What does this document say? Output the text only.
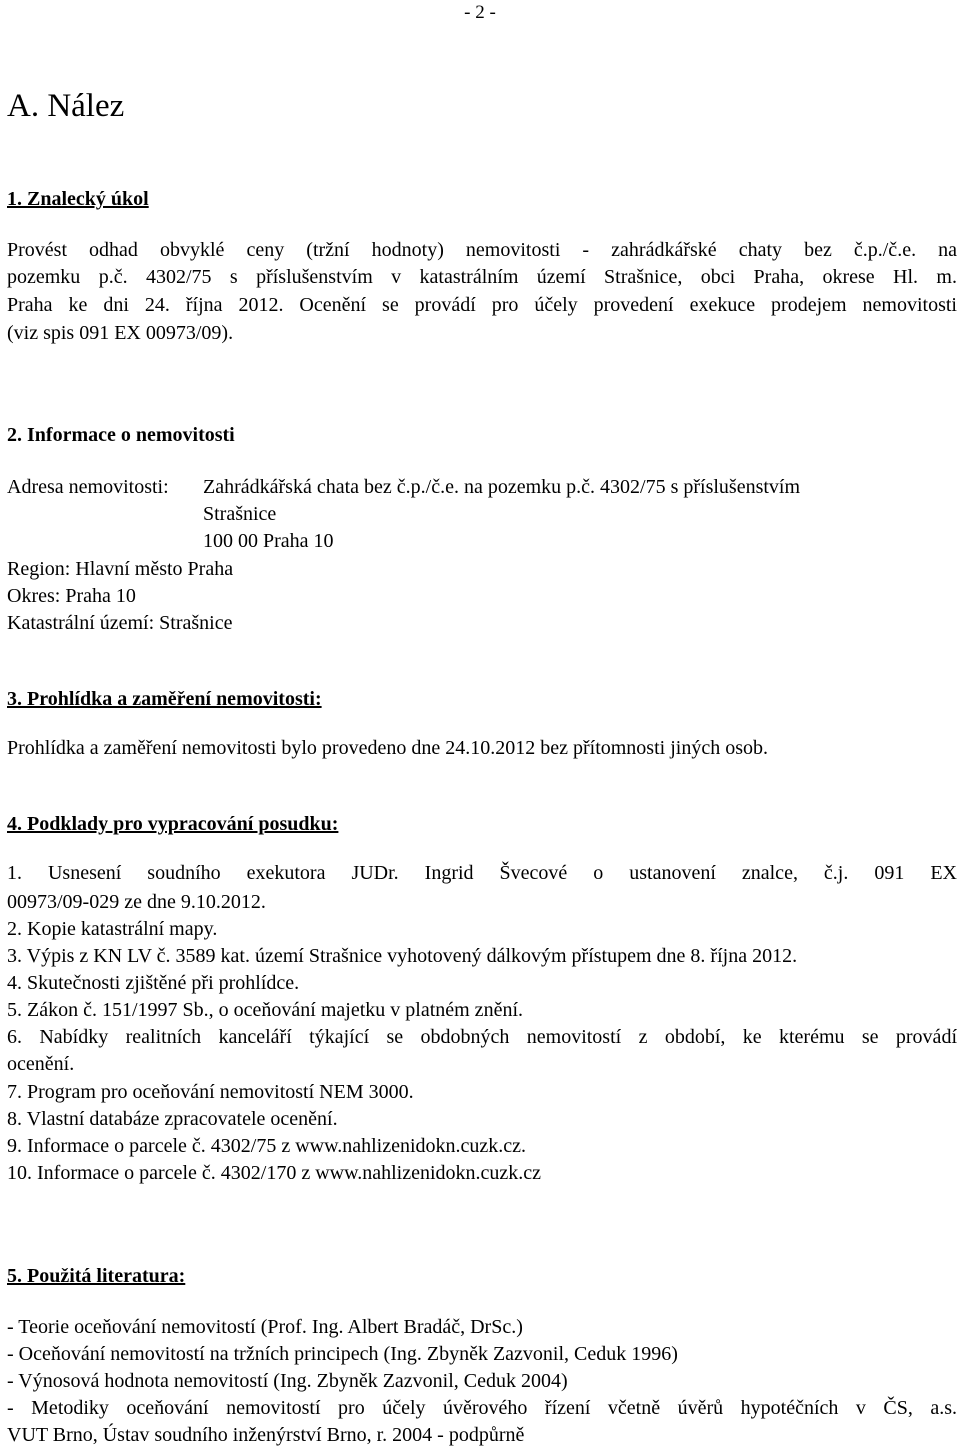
- 2 -
A. Nález
1. Znalecký úkol
Provést odhad obvyklé ceny (tržní hodnoty) nemovitosti - zahrádkářské chaty bez č.p./č.e. na
pozemku p.č. 4302/75 s příslušenstvím v katastrálním území Strašnice, obci Praha, okrese Hl. m.
Praha ke dni 24. října 2012. Ocenění se provádí pro účely provedení exekuce prodejem nemovitosti
(viz spis 091 EX 00973/09).
2. Informace o nemovitosti
Adresa nemovitosti: Zahrádkářská chata bez č.p./č.e. na pozemku p.č. 4302/75 s příslušenstvím
Strašnice
100 00 Praha 10
Region: Hlavní město Praha
Okres: Praha 10
Katastrální území: Strašnice
3. Prohlídka a zaměření nemovitosti:
Prohlídka a zaměření nemovitosti bylo provedeno dne 24.10.2012 bez přítomnosti jiných osob.
4. Podklady pro vypracování posudku:
1. Usnesení soudního exekutora JUDr. Ingrid Švecové o ustanovení znalce, č.j. 091 EX
00973/09-029 ze dne 9.10.2012.
2. Kopie katastrální mapy.
3. Výpis z KN LV č. 3589 kat. území Strašnice vyhotovený dálkovým přístupem dne 8. října 2012.
4. Skutečnosti zjištěné při prohlídce.
5. Zákon č. 151/1997 Sb., o oceňování majetku v platném znění.
6. Nabídky realitních kanceláří týkající se obdobných nemovitostí z období, ke kterému se provádí
ocenění.
7. Program pro oceňování nemovitostí NEM 3000.
8. Vlastní databáze zpracovatele ocenění.
9. Informace o parcele č. 4302/75 z www.nahlizenidokn.cuzk.cz.
10. Informace o parcele č. 4302/170 z www.nahlizenidokn.cuzk.cz
5. Použitá literatura:
- Teorie oceňování nemovitostí (Prof. Ing. Albert Bradáč, DrSc.)
- Oceňování nemovitostí na tržních principech (Ing. Zbyněk Zazvonil, Ceduk 1996)
- Výnosová hodnota nemovitostí (Ing. Zbyněk Zazvonil, Ceduk 2004)
- Metodiky oceňování nemovitostí pro účely úvěrového řízení včetně úvěrů hypotéčních v ČS, a.s.
VUT Brno, Ústav soudního inženýrství Brno, r. 2004 - podpůrně
